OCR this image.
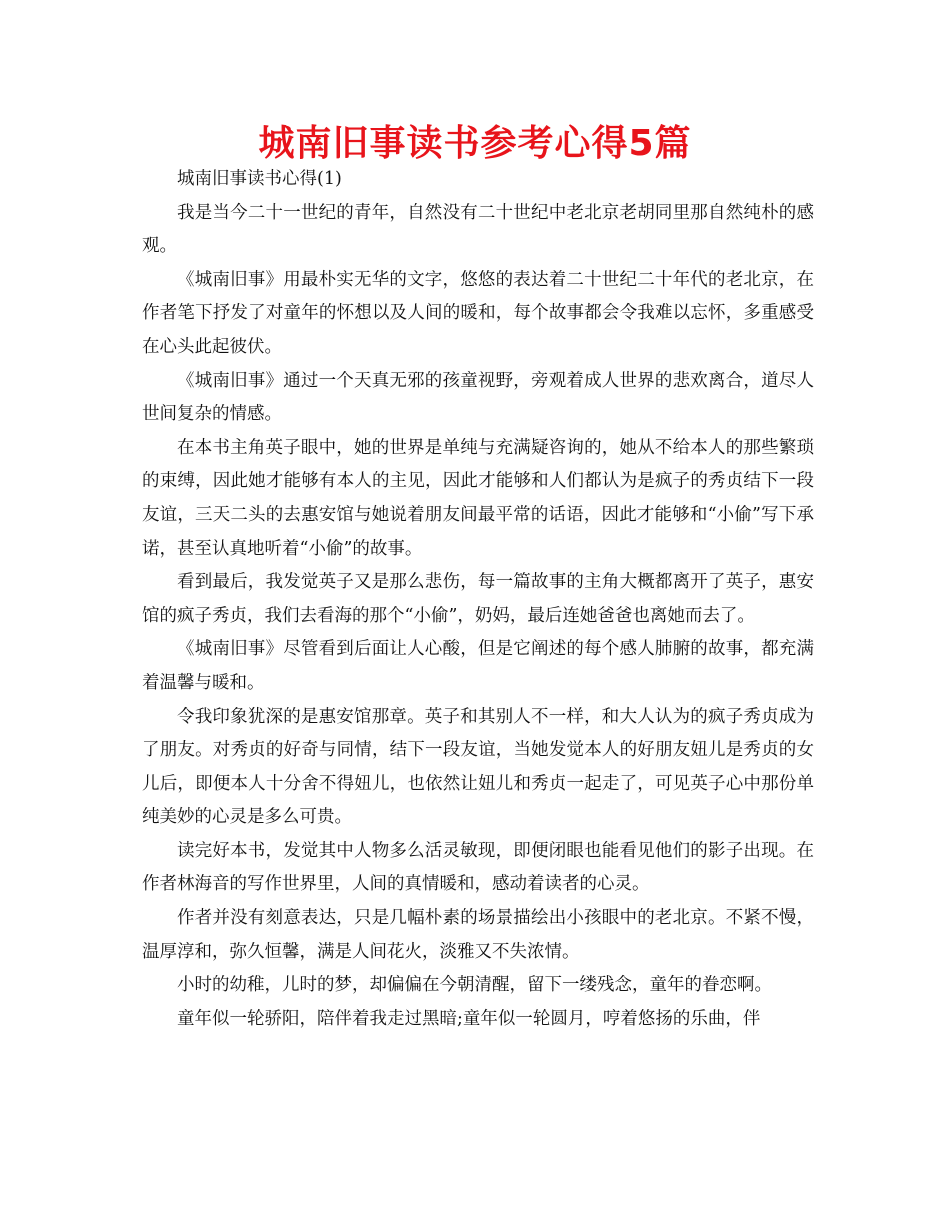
城南旧事读书参考心得5篇

城南旧事读书心得(1)

我是当今二十一世纪的青年，自然没有二十世纪中老北京老胡同里那自然纯朴的感观。

《城南旧事》用最朴实无华的文字，悠悠的表达着二十世纪二十年代的老北京，在作者笔下抒发了对童年的怀想以及人间的暖和，每个故事都会令我难以忘怀，多重感受在心头此起彼伏。

《城南旧事》通过一个天真无邪的孩童视野，旁观着成人世界的悲欢离合，道尽人世间复杂的情感。

在本书主角英子眼中，她的世界是单纯与充满疑咨询的，她从不给本人的那些繁琐的束缚，因此她才能够有本人的主见，因此才能够和人们都认为是疯子的秀贞结下一段友谊，三天二头的去惠安馆与她说着朋友间最平常的话语，因此才能够和“小偷”写下承诺，甚至认真地听着“小偷”的故事。

看到最后，我发觉英子又是那么悲伤，每一篇故事的主角大概都离开了英子，惠安馆的疯子秀贞，我们去看海的那个“小偷”，奶妈，最后连她爸爸也离她而去了。

《城南旧事》尽管看到后面让人心酸，但是它阐述的每个感人肺腑的故事，都充满着温馨与暖和。

令我印象犹深的是惠安馆那章。英子和其别人不一样，和大人认为的疯子秀贞成为了朋友。对秀贞的好奇与同情，结下一段友谊，当她发觉本人的好朋友妞儿是秀贞的女儿后，即便本人十分舍不得妞儿，也依然让妞儿和秀贞一起走了，可见英子心中那份单纯美妙的心灵是多么可贵。

读完好本书，发觉其中人物多么活灵敏现，即便闭眼也能看见他们的影子出现。在作者林海音的写作世界里，人间的真情暖和，感动着读者的心灵。

作者并没有刻意表达，只是几幅朴素的场景描绘出小孩眼中的老北京。不紧不慢，温厚淳和，弥久恒馨，满是人间花火，淡雅又不失浓情。

小时的幼稚，儿时的梦，却偏偏在今朝清醒，留下一缕残念，童年的眷恋啊。

童年似一轮骄阳，陪伴着我走过黑暗;童年似一轮圆月，哼着悠扬的乐曲，伴
